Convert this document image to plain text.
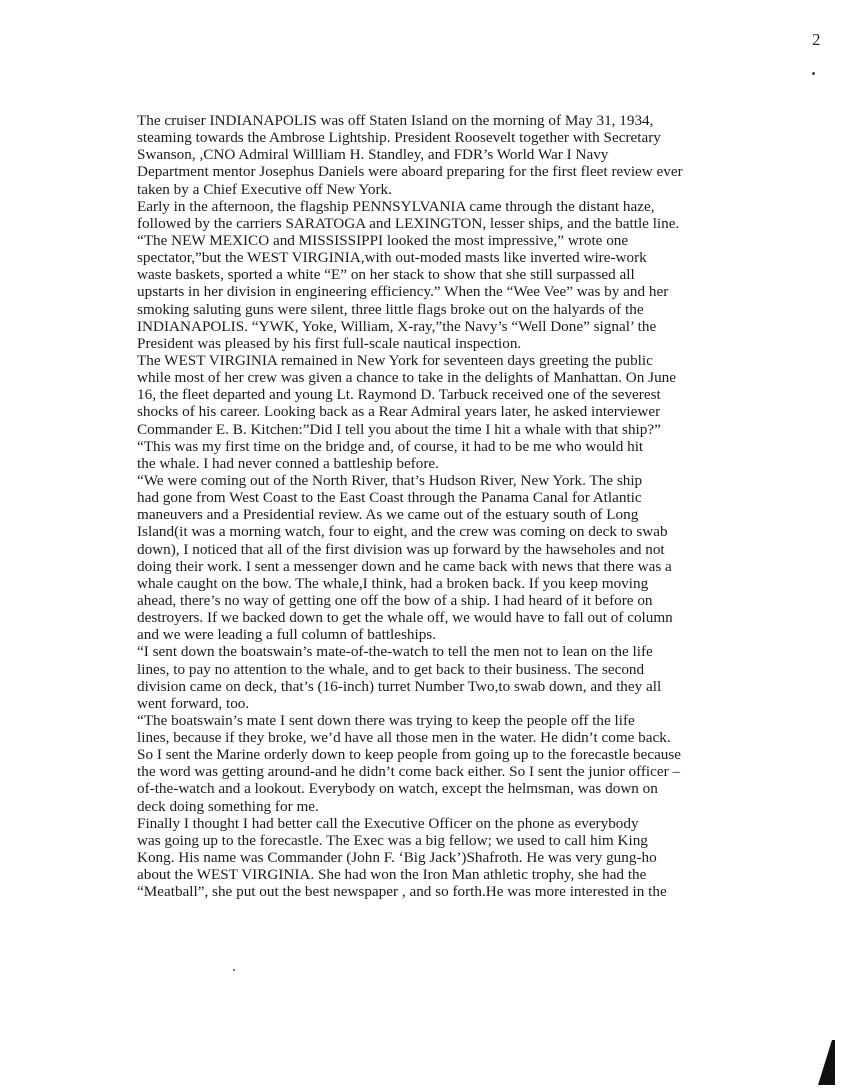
2
The cruiser INDIANAPOLIS was off Staten Island on the morning of May 31, 1934,
steaming towards the Ambrose Lightship. President Roosevelt together with Secretary
Swanson, ,CNO Admiral Willliam H. Standley, and FDR’s World War I Navy
Department mentor Josephus Daniels were aboard preparing for the first fleet review ever
taken by a Chief Executive off New York.
Early in the afternoon, the flagship PENNSYLVANIA came through the distant haze,
followed by the carriers SARATOGA and LEXINGTON, lesser ships, and the battle line.
“The NEW MEXICO and MISSISSIPPI looked the most impressive,” wrote one
spectator,”but the WEST VIRGINIA,with out-moded masts like inverted wire-work
waste baskets, sported a white “E” on her stack to show that she still surpassed all
upstarts in her division in engineering efficiency.” When the “Wee Vee” was by and her
smoking saluting guns were silent, three little flags broke out on the halyards of the
INDIANAPOLIS. “YWK, Yoke, William, X-ray,”the Navy’s “Well Done” signal’ the
President was pleased by his first full-scale nautical inspection.
The WEST VIRGINIA remained in New York for seventeen days greeting the public
while most of her crew was given a chance to take in the delights of Manhattan. On June
16, the fleet departed and young Lt. Raymond D. Tarbuck received one of the severest
shocks of his career. Looking back as a Rear Admiral years later, he asked interviewer
Commander E. B. Kitchen:”Did I tell you about the time I hit a whale with that ship?”
“This was my first time on the bridge and, of course, it had to be me who would hit
the whale. I had never conned a battleship before.
“We were coming out of the North River, that’s Hudson River, New York. The ship
had gone from West Coast to the East Coast through the Panama Canal for Atlantic
maneuvers and a Presidential review. As we came out of the estuary south of Long
Island(it was a morning watch, four to eight, and the crew was coming on deck to swab
down), I noticed that all of the first division was up forward by the hawseholes and not
doing their work. I sent a messenger down and he came back with news that there was a
whale caught on the bow. The whale,I think, had a broken back. If you keep moving
ahead, there’s no way of getting one off the bow of a ship. I had heard of it before on
destroyers. If we backed down to get the whale off, we would have to fall out of column
and we were leading a full column of battleships.
“I sent down the boatswain’s mate-of-the-watch to tell the men not to lean on the life
lines, to pay no attention to the whale, and to get back to their business. The second
division came on deck, that’s (16-inch) turret Number Two,to swab down, and they all
went forward, too.
“The boatswain’s mate I sent down there was trying to keep the people off the life
lines, because if they broke, we’d have all those men in the water. He didn’t come back.
So I sent the Marine orderly down to keep people from going up to the forecastle because
the word was getting around-and he didn’t come back either. So I sent the junior officer –
of-the-watch and a lookout. Everybody on watch, except the helmsman, was down on
deck doing something for me.
Finally I thought I had better call the Executive Officer on the phone as everybody
was going up to the forecastle. The Exec was a big fellow; we used to call him King
Kong. His name was Commander (John F. ‘Big Jack’)Shafroth. He was very gung-ho
about the WEST VIRGINIA. She had won the Iron Man athletic trophy, she had the
“Meatball”, she put out the best newspaper , and so forth.He was more interested in the
